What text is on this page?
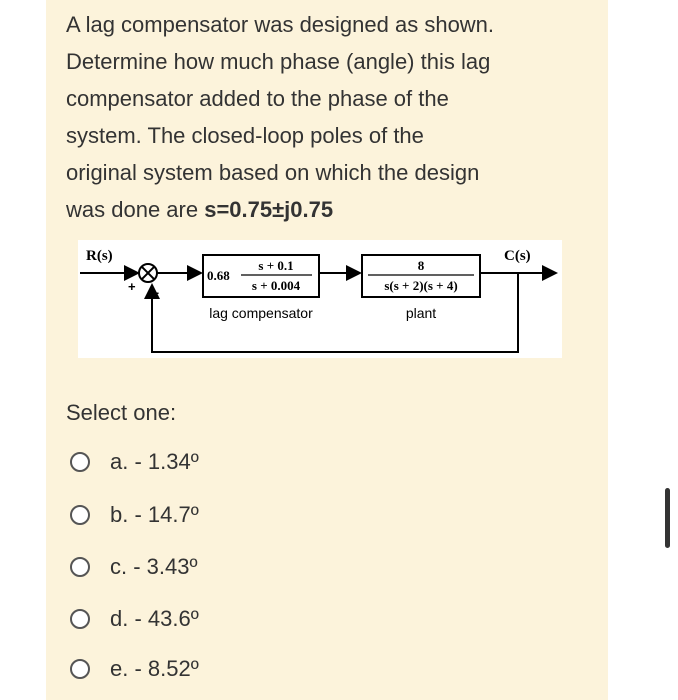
A lag compensator was designed as shown.
Determine how much phase (angle) this lag
compensator added to the phase of the
system. The closed-loop poles of the
original system based on which the design
was done are s=0.75±j0.75
R(s)
+ −
0.68
s + 0.1
s + 0.004
lag compensator
8
s(s + 2)(s + 4)
plant
C(s)
Select one:
a. - 1.34º
b. - 14.7º
c. - 3.43º
d. - 43.6º
e. - 8.52º
